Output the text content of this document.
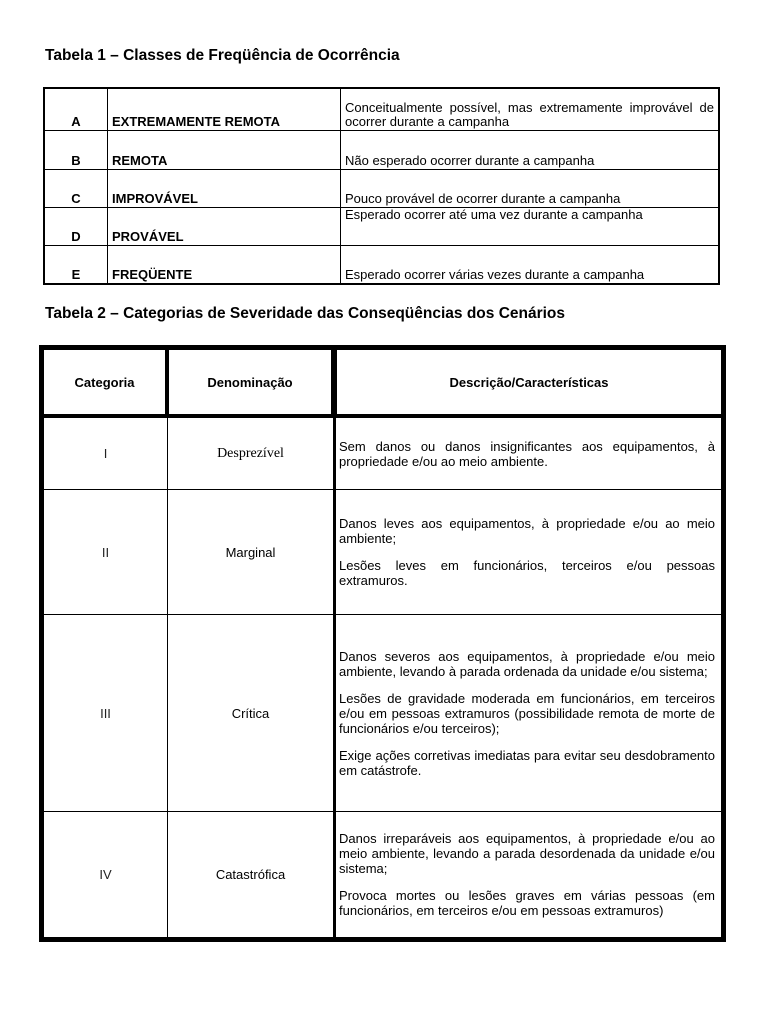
Tabela 1 – Classes de Freqüência de Ocorrência
A	EXTREMAMENTE REMOTA	Conceitualmente possível, mas extremamente improvável de ocorrer durante a campanha
B	REMOTA	Não esperado ocorrer durante a campanha
C	IMPROVÁVEL	Pouco provável de ocorrer durante a campanha
D	PROVÁVEL	Esperado ocorrer até uma vez durante a campanha
E	FREQÜENTE	Esperado ocorrer várias vezes durante a campanha
Tabela 2 – Categorias de Severidade das Conseqüências dos Cenários
Categoria	Denominação	Descrição/Características
I	Desprezível	Sem danos ou danos insignificantes aos equipamentos, à propriedade e/ou ao meio ambiente.

II	Marginal	Danos leves aos equipamentos, à propriedade e/ou ao meio ambiente;

Lesões leves em funcionários, terceiros e/ou pessoas extramuros.

III	Crítica	Danos severos aos equipamentos, à propriedade e/ou meio ambiente, levando à parada ordenada da unidade e/ou sistema;

Lesões de gravidade moderada em funcionários, em terceiros e/ou em pessoas extramuros (possibilidade remota de morte de funcionários e/ou terceiros);

Exige ações corretivas imediatas para evitar seu desdobramento em catástrofe.

IV	Catastrófica	Danos irreparáveis aos equipamentos, à propriedade e/ou ao meio ambiente, levando a parada desordenada da unidade e/ou sistema;

Provoca mortes ou lesões graves em várias pessoas (em funcionários, em terceiros e/ou em pessoas extramuros)
